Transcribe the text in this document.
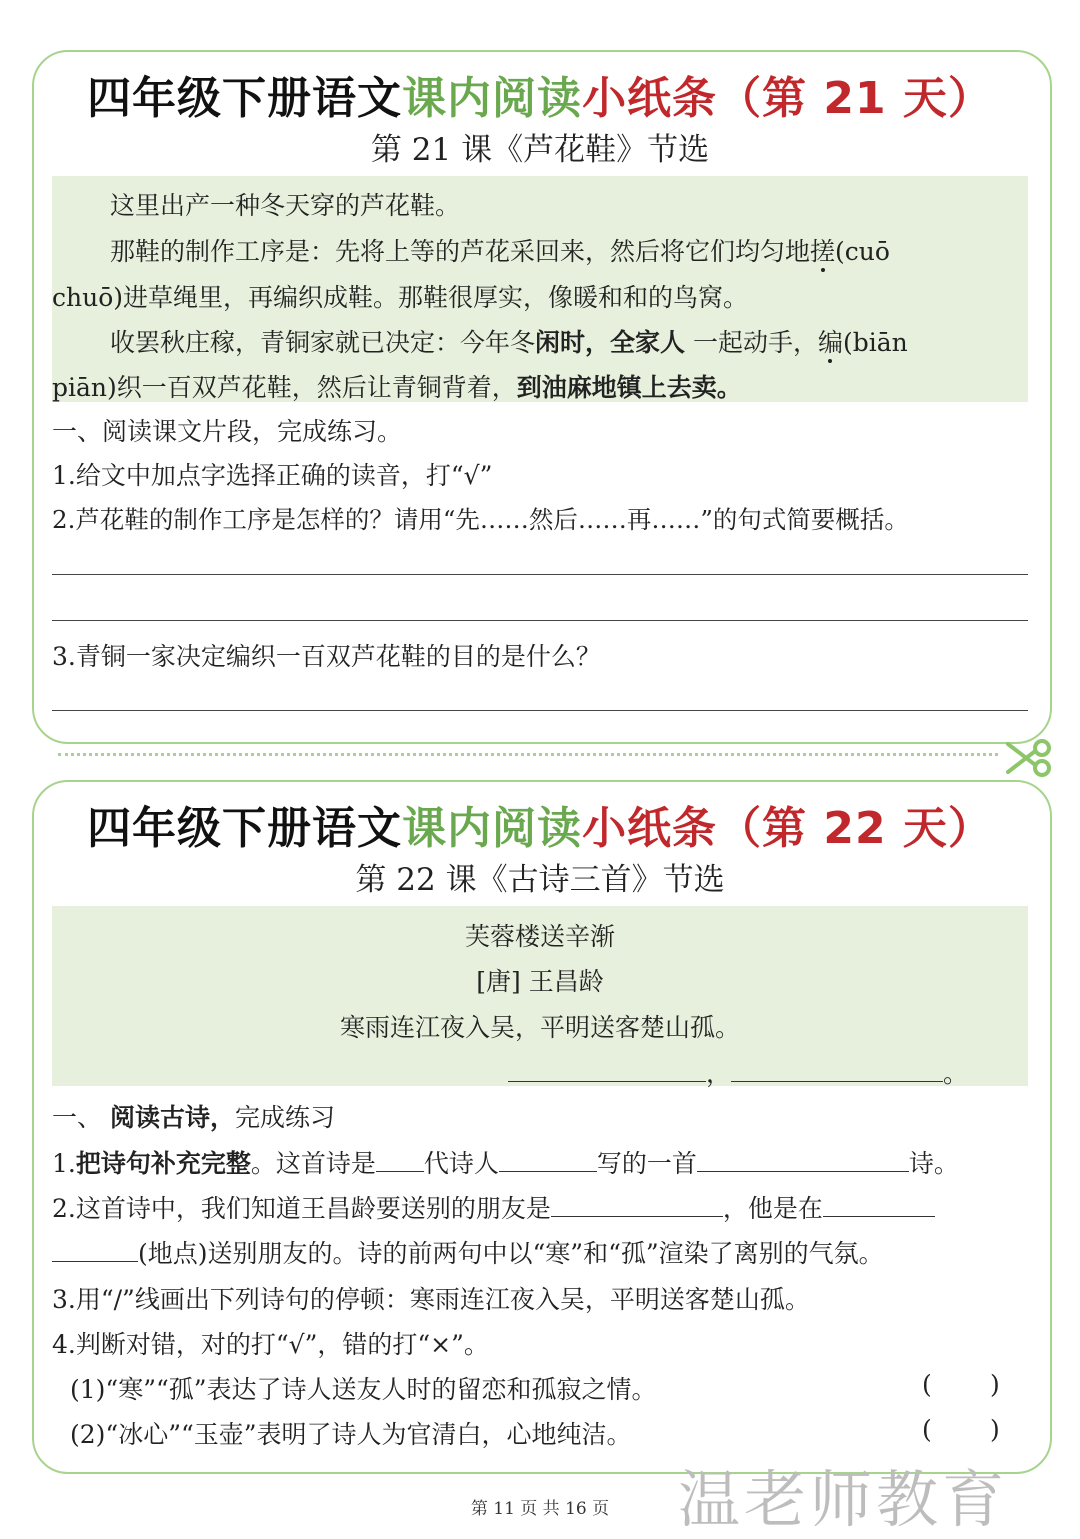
四年级下册语文课内阅读小纸条（第 21 天）
第 21 课《芦花鞋》节选
这里出产一种冬天穿的芦花鞋。
那鞋的制作工序是：先将上等的芦花采回来，然后将它们均匀地搓(cuō
chuō)进草绳里，再编织成鞋。那鞋很厚实，像暖和和的鸟窝。
收罢秋庄稼，青铜家就已决定：今年冬闲时，全家人 一起动手，编(biān
piān)织一百双芦花鞋，然后让青铜背着，到油麻地镇上去卖。
一、阅读课文片段，完成练习。
1.给文中加点字选择正确的读音，打“√”
2.芦花鞋的制作工序是怎样的？请用“先……然后……再……”的句式简要概括。
3.青铜一家决定编织一百双芦花鞋的目的是什么？
四年级下册语文课内阅读小纸条（第 22 天）
第 22 课《古诗三首》节选
芙蓉楼送辛渐
[唐] 王昌龄
寒雨连江夜入吴，平明送客楚山孤。
，	。
一、 阅读古诗，完成练习
1.把诗句补充完整。这首诗是 代诗人	写的一首	诗。
2.这首诗中，我们知道王昌龄要送别的朋友是	，他是在
(地点)送别朋友的。诗的前两句中以“寒”和“孤”渲染了离别的气氛。
3.用“/”线画出下列诗句的停顿：寒雨连江夜入吴，平明送客楚山孤。
4.判断对错，对的打“√”，错的打“×”。
(1)“寒”“孤”表达了诗人送友人时的留恋和孤寂之情。	( )
(2)“冰心”“玉壶”表明了诗人为官清白，心地纯洁。	( )
第 11 页 共 16 页	温老师教育
